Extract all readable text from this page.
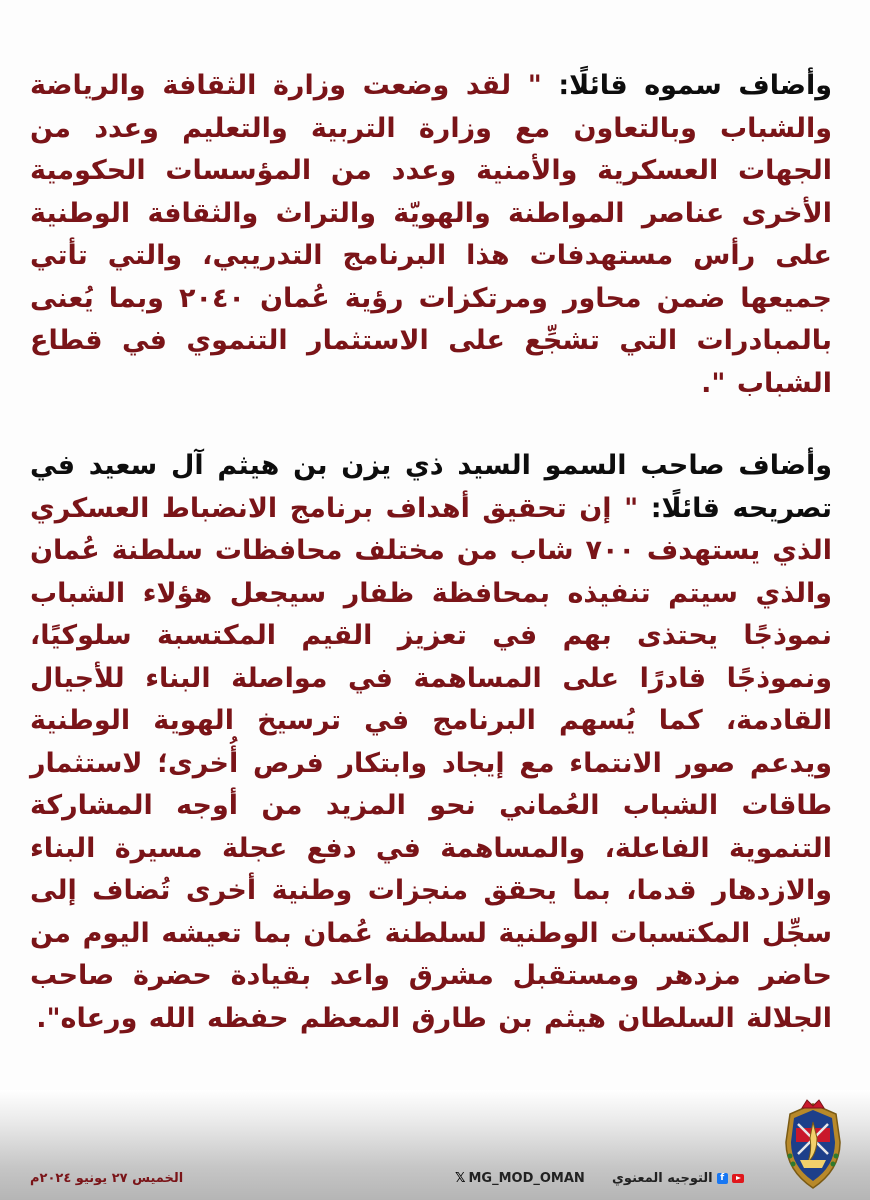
وأضاف سموه قائلًا: " لقد وضعت وزارة الثقافة والرياضة والشباب وبالتعاون مع وزارة التربية والتعليم وعدد من الجهات العسكرية والأمنية وعدد من المؤسسات الحكومية الأخرى عناصر المواطنة والهويّة والتراث والثقافة الوطنية على رأس مستهدفات هذا البرنامج التدريبي، والتي تأتي جميعها ضمن محاور ومرتكزات رؤية عُمان ٢٠٤٠ وبما يُعنى بالمبادرات التي تشجِّع على الاستثمار التنموي في قطاع الشباب ".

وأضاف صاحب السمو السيد ذي يزن بن هيثم آل سعيد في تصريحه قائلًا: " إن تحقيق أهداف برنامج الانضباط العسكري الذي يستهدف ٧٠٠ شاب من مختلف محافظات سلطنة عُمان والذي سيتم تنفيذه بمحافظة ظفار سيجعل هؤلاء الشباب نموذجًا يحتذى بهم في تعزيز القيم المكتسبة سلوكيًا، ونموذجًا قادرًا على المساهمة في مواصلة البناء للأجيال القادمة، كما يُسهم البرنامج في ترسيخ الهوية الوطنية ويدعم صور الانتماء مع إيجاد وابتكار فرص أُخرى؛ لاستثمار طاقات الشباب العُماني نحو المزيد من أوجه المشاركة التنموية الفاعلة، والمساهمة في دفع عجلة مسيرة البناء والازدهار قدما، بما يحقق منجزات وطنية أخرى تُضاف إلى سجِّل المكتسبات الوطنية لسلطنة عُمان بما تعيشه اليوم من حاضر مزدهر ومستقبل مشرق واعد بقيادة حضرة صاحب الجلالة السلطان هيثم بن طارق المعظم حفظه الله ورعاه".

الخميس ٢٧ يونيو ٢٠٢٤م	𝕏 MG_MOD_OMAN	f
التوجيه المعنوي
